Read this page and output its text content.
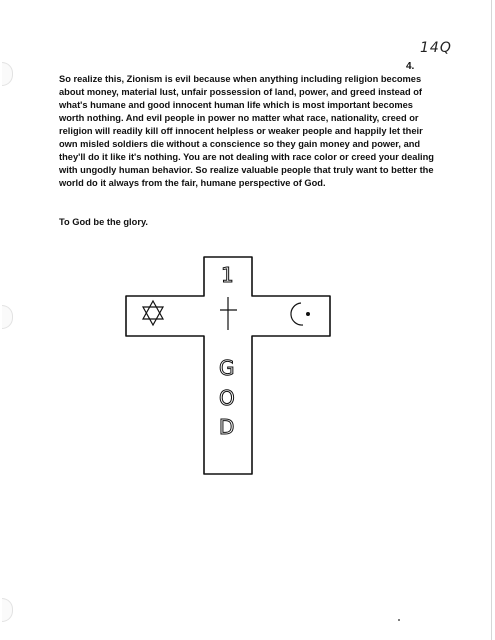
14Q
4.

So realize this, Zionism is evil because when anything including religion becomes about money, material lust, unfair possession of land, power, and greed instead of what's humane and good innocent human life which is most important becomes worth nothing. And evil people in power no matter what race, nationality, creed or religion will readily kill off innocent helpless or weaker people and happily let their own misled soldiers die without a conscience so they gain money and power, and they'll do it like it's nothing. You are not dealing with race color or creed your dealing with ungodly human behavior. So realize valuable people that truly want to better the world do it always from the fair, humane perspective of God.

To God be the glory.

1
G
O
D
